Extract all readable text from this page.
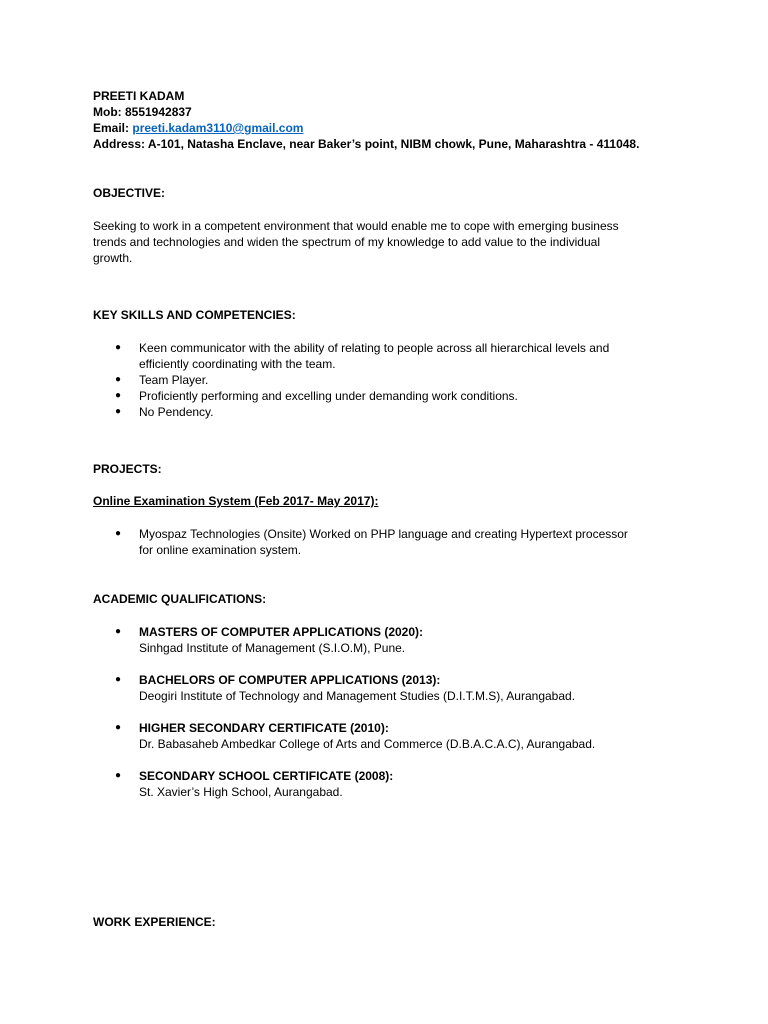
PREETI KADAM
Mob: 8551942837
Email: preeti.kadam3110@gmail.com
Address: A-101, Natasha Enclave, near Baker’s point, NIBM chowk, Pune, Maharashtra - 411048.
OBJECTIVE:
Seeking to work in a competent environment that would enable me to cope with emerging business
trends and technologies and widen the spectrum of my knowledge to add value to the individual
growth.
KEY SKILLS AND COMPETENCIES:
● Keen communicator with the ability of relating to people across all hierarchical levels and
efficiently coordinating with the team.
● Team Player.
● Proficiently performing and excelling under demanding work conditions.
● No Pendency.
PROJECTS:
Online Examination System (Feb 2017- May 2017):
● Myospaz Technologies (Onsite) Worked on PHP language and creating Hypertext processor
for online examination system.
ACADEMIC QUALIFICATIONS:
● MASTERS OF COMPUTER APPLICATIONS (2020):
Sinhgad Institute of Management (S.I.O.M), Pune.
● BACHELORS OF COMPUTER APPLICATIONS (2013):
Deogiri Institute of Technology and Management Studies (D.I.T.M.S), Aurangabad.
● HIGHER SECONDARY CERTIFICATE (2010):
Dr. Babasaheb Ambedkar College of Arts and Commerce (D.B.A.C.A.C), Aurangabad.
● SECONDARY SCHOOL CERTIFICATE (2008):
St. Xavier’s High School, Aurangabad.
WORK EXPERIENCE:
